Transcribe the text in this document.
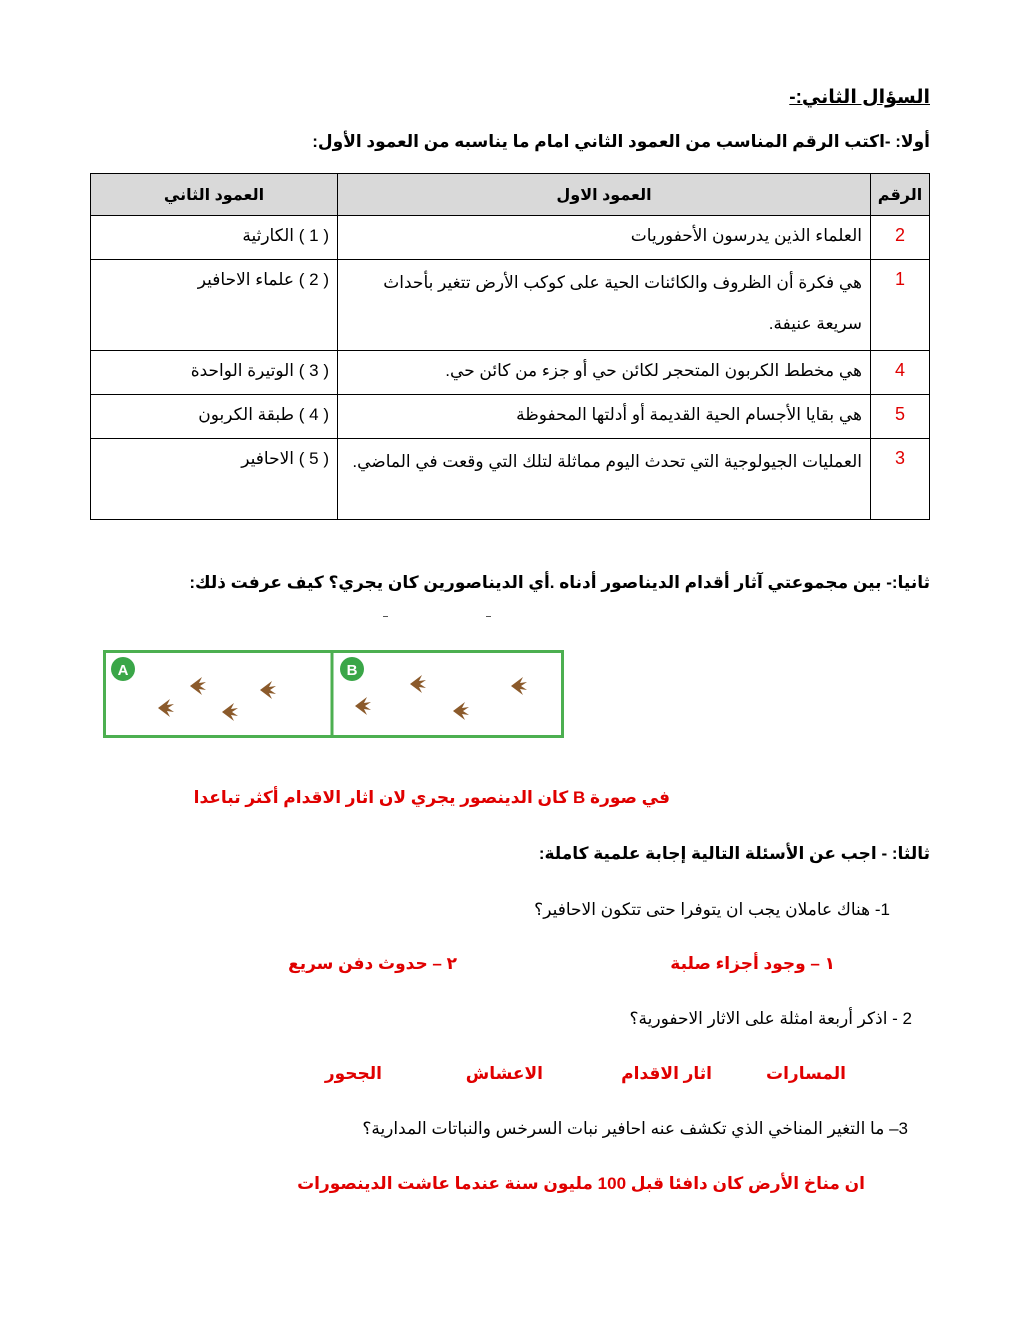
السؤال الثاني:-
أولا: -اكتب الرقم المناسب من العمود الثاني امام ما يناسبه من العمود الأول:
الرقم	العمود الاول	العمود الثاني
2	العلماء الذين يدرسون الأحفوريات	( 1 ) الكارثية
1	هي فكرة أن الظروف والكائنات الحية على كوكب الأرض تتغير بأحداث سريعة عنيفة.	( 2 ) علماء الاحافير
4	هي مخطط الكربون المتحجر لكائن حي أو جزء من كائن حي.	( 3 ) الوتيرة الواحدة
5	هي بقايا الأجسام الحية القديمة أو أدلتها المحفوظة	( 4 ) طبقة الكربون
3	العمليات الجيولوجية التي تحدث اليوم مماثلة لتلك التي وقعت في الماضي.	( 5 ) الاحافير
ثانيا:- بين مجموعتي آثار أقدام الديناصور أدناه .أي الديناصورين كان يجري؟ كيف عرفت ذلك:
A	B
في صورة B كان الدينصور يجري لان اثار الاقدام أكثر تباعدا
ثالثا: - اجب عن الأسئلة التالية إجابة علمية كاملة:
1- هناك عاملان يجب ان يتوفرا حتى تتكون الاحافير؟
١ – وجود أجزاء صلبة
٢ – حدوث دفن سريع
2 - اذكر أربعة امثلة على الاثار الاحفورية؟
المسارات
اثار الاقدام
الاعشاش
الجحور
3– ما التغير المناخي الذي تكشف عنه احافير نبات السرخس والنباتات المدارية؟
ان مناخ الأرض كان دافئا قبل 100 مليون سنة عندما عاشت الدينصورات
